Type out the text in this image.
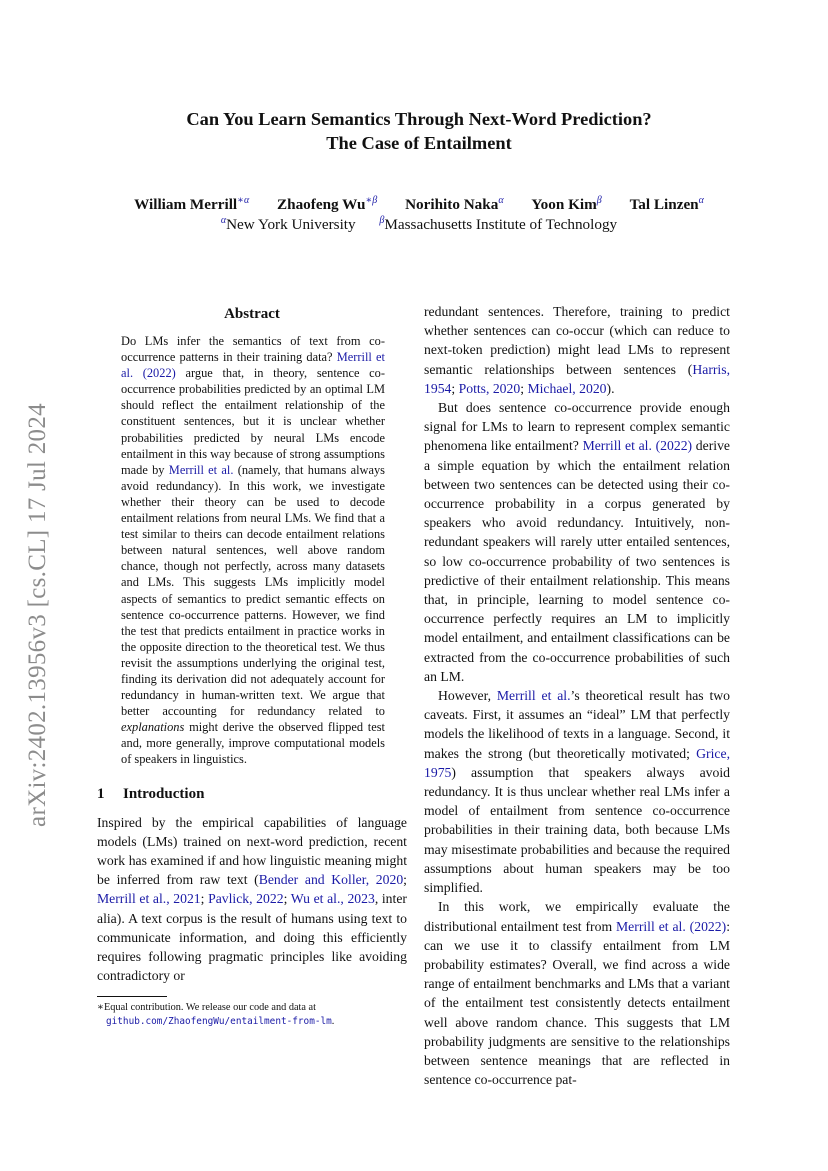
arXiv:2402.13956v3 [cs.CL] 17 Jul 2024
Can You Learn Semantics Through Next-Word Prediction?
The Case of Entailment
William Merrill$^{∗\alpha}$ Zhaofeng $Wu^{∗\beta}$ Norihito Naka$^\alpha$ Yoon Kim$^\beta$ Tal Linzen$^\alpha$
$^\alpha$New York University $^\beta$Massachusetts Institute of Technology
Abstract

Do LMs infer the semantics of text from co-occurrence patterns in their training data? Merrill et al. (2022) argue that, in theory, sentence co-occurrence probabilities predicted by an optimal LM should reflect the entailment relationship of the constituent sentences, but it is unclear whether probabilities predicted by neural LMs encode entailment in this way because of strong assumptions made by Merrill et al. (namely, that humans always avoid redundancy). In this work, we investigate whether their theory can be used to decode entailment relations from neural LMs. We find that a test similar to theirs can decode entailment relations between natural sentences, well above random chance, though not perfectly, across many datasets and LMs. This suggests LMs implicitly model aspects of semantics to predict semantic effects on sentence co-occurrence patterns. However, we find the test that predicts entailment in practice works in the opposite direction to the theoretical test. We thus revisit the assumptions underlying the original test, finding its derivation did not adequately account for redundancy in human-written text. We argue that better accounting for redundancy related to explanations might derive the observed flipped test and, more generally, improve computational models of speakers in linguistics.

1 Introduction

Inspired by the empirical capabilities of language models (LMs) trained on next-word prediction, recent work has examined if and how linguistic meaning might be inferred from raw text (Bender and Koller, 2020; Merrill et al., 2021; Pavlick, 2022; Wu et al., 2023, inter alia). A text corpus is the result of humans using text to communicate information, and doing this efficiently requires following pragmatic principles like avoiding contradictory or

∗Equal contribution. We release our code and data at github.com/ZhaofengWu/entailment-from-lm.

redundant sentences. Therefore, training to predict whether sentences can co-occur (which can reduce to next-token prediction) might lead LMs to represent semantic relationships between sentences (Harris, 1954; Potts, 2020; Michael, 2020).

But does sentence co-occurrence provide enough signal for LMs to learn to represent complex semantic phenomena like entailment? Merrill et al. (2022) derive a simple equation by which the entailment relation between two sentences can be detected using their co-occurrence probability in a corpus generated by speakers who avoid redundancy. Intuitively, non-redundant speakers will rarely utter entailed sentences, so low co-occurrence probability of two sentences is predictive of their entailment relationship. This means that, in principle, learning to model sentence co-occurrence perfectly requires an LM to implicitly model entailment, and entailment classifications can be extracted from the co-occurrence probabilities of such an LM.

However, Merrill et al.’s theoretical result has two caveats. First, it assumes an “ideal” LM that perfectly models the likelihood of texts in a language. Second, it makes the strong (but theoretically motivated; Grice, 1975) assumption that speakers always avoid redundancy. It is thus unclear whether real LMs infer a model of entailment from sentence co-occurrence probabilities in their training data, both because LMs may misestimate probabilities and because the required assumptions about human speakers may be too simplified.

In this work, we empirically evaluate the distributional entailment test from Merrill et al. (2022): can we use it to classify entailment from LM probability estimates? Overall, we find across a wide range of entailment benchmarks and LMs that a variant of the entailment test consistently detects entailment well above random chance. This suggests that LM probability judgments are sensitive to the relationships between sentence meanings that are reflected in sentence co-occurrence pat-
